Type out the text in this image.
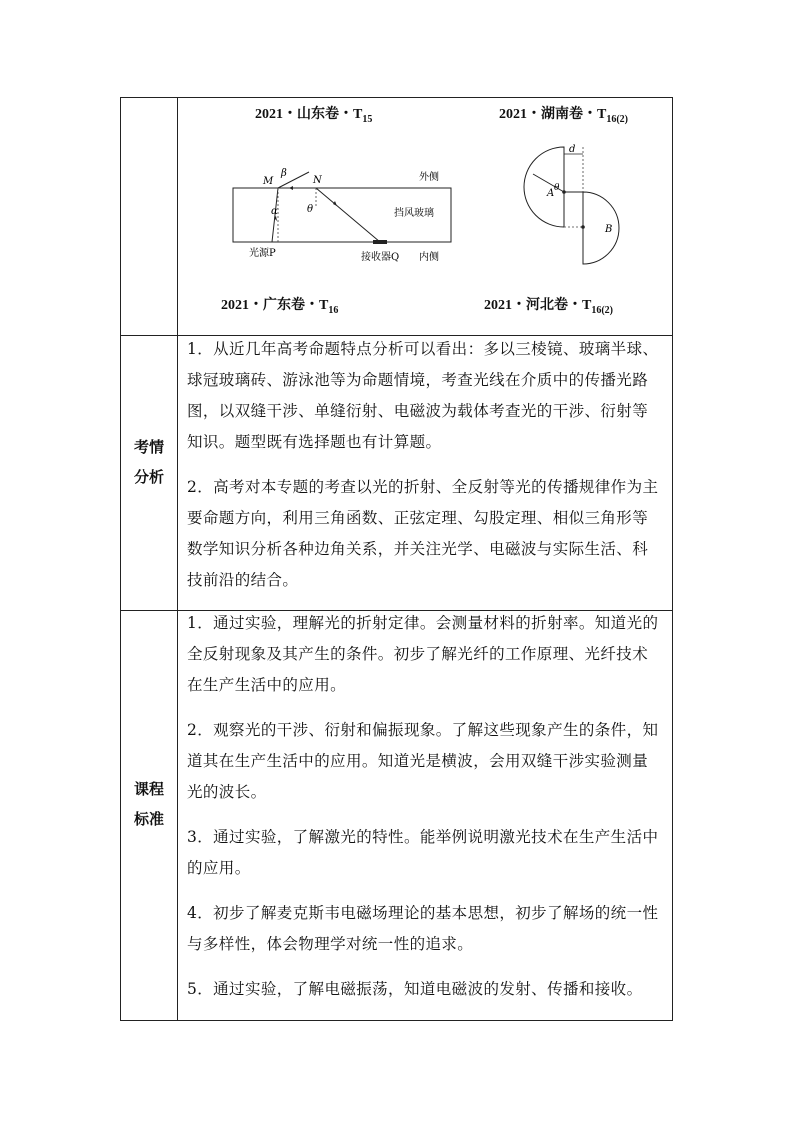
2021・山东卷・$T_{15}$	2021・湖南卷・$T_{16(2)}$
2021・广东卷・$T_{16}$	2021・河北卷・$T_{16(2)}$
M	N
β
α	θ
外侧
挡风玻璃
光源P	接收器Q 内侧
d
A
B
θ
考情
分析

1．从近几年高考命题特点分析可以看出：多以三棱镜、玻璃半球、球冠玻璃砖、游泳池等为命题情境，考查光线在介质中的传播光路图，以双缝干涉、单缝衍射、电磁波为载体考查光的干涉、衍射等知识。题型既有选择题也有计算题。

2．高考对本专题的考查以光的折射、全反射等光的传播规律作为主要命题方向，利用三角函数、正弦定理、勾股定理、相似三角形等数学知识分析各种边角关系，并关注光学、电磁波与实际生活、科技前沿的结合。

课程
标准

1．通过实验，理解光的折射定律。会测量材料的折射率。知道光的全反射现象及其产生的条件。初步了解光纤的工作原理、光纤技术在生产生活中的应用。

2．观察光的干涉、衍射和偏振现象。了解这些现象产生的条件，知道其在生产生活中的应用。知道光是横波，会用双缝干涉实验测量光的波长。

3．通过实验，了解激光的特性。能举例说明激光技术在生产生活中的应用。

4．初步了解麦克斯韦电磁场理论的基本思想，初步了解场的统一性与多样性，体会物理学对统一性的追求。

5．通过实验，了解电磁振荡，知道电磁波的发射、传播和接收。
